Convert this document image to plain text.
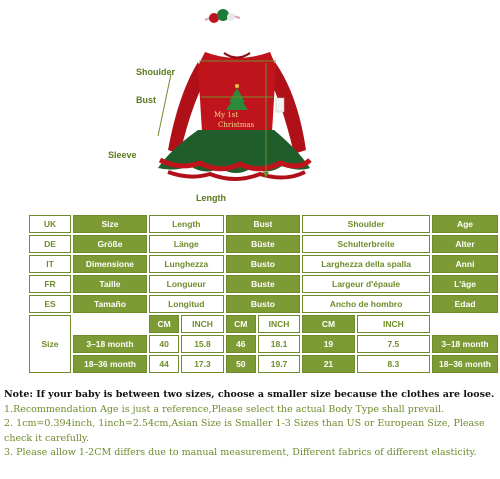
My 1st
Christmas
Shoulder
Bust
Sleeve
Length
UK	Size	Length		Bust		Shoulder		Age
DE	Größe	Länge		Büste		Schulterbreite		Alter
IT	Dimensione	Lunghezza		Busto		Larghezza della spalla		Anni
FR	Taille	Longueur		Buste		Largeur d'épaule		L'âge
ES	Tamaño	Longitud		Busto		Ancho de hombro		Edad
Size		CM	INCH	CM	INCH	CM	INCH	
	3–18 month	40	15.8	46	18.1	19	7.5	3–18 month
	18–36 month	44	17.3	50	19.7	21	8.3	18–36 month

Note: If your baby is between two sizes, choose a smaller size because the clothes are loose.

1.Recommendation Age is just a reference,Please select the actual Body Type shall prevail.

2. 1cm=0.394inch, 1inch=2.54cm,Asian Size is Smaller 1-3 Sizes than US or European Size, Please check it carefully.

3. Please allow 1-2CM differs due to manual measurement, Different fabrics of different elasticity.
